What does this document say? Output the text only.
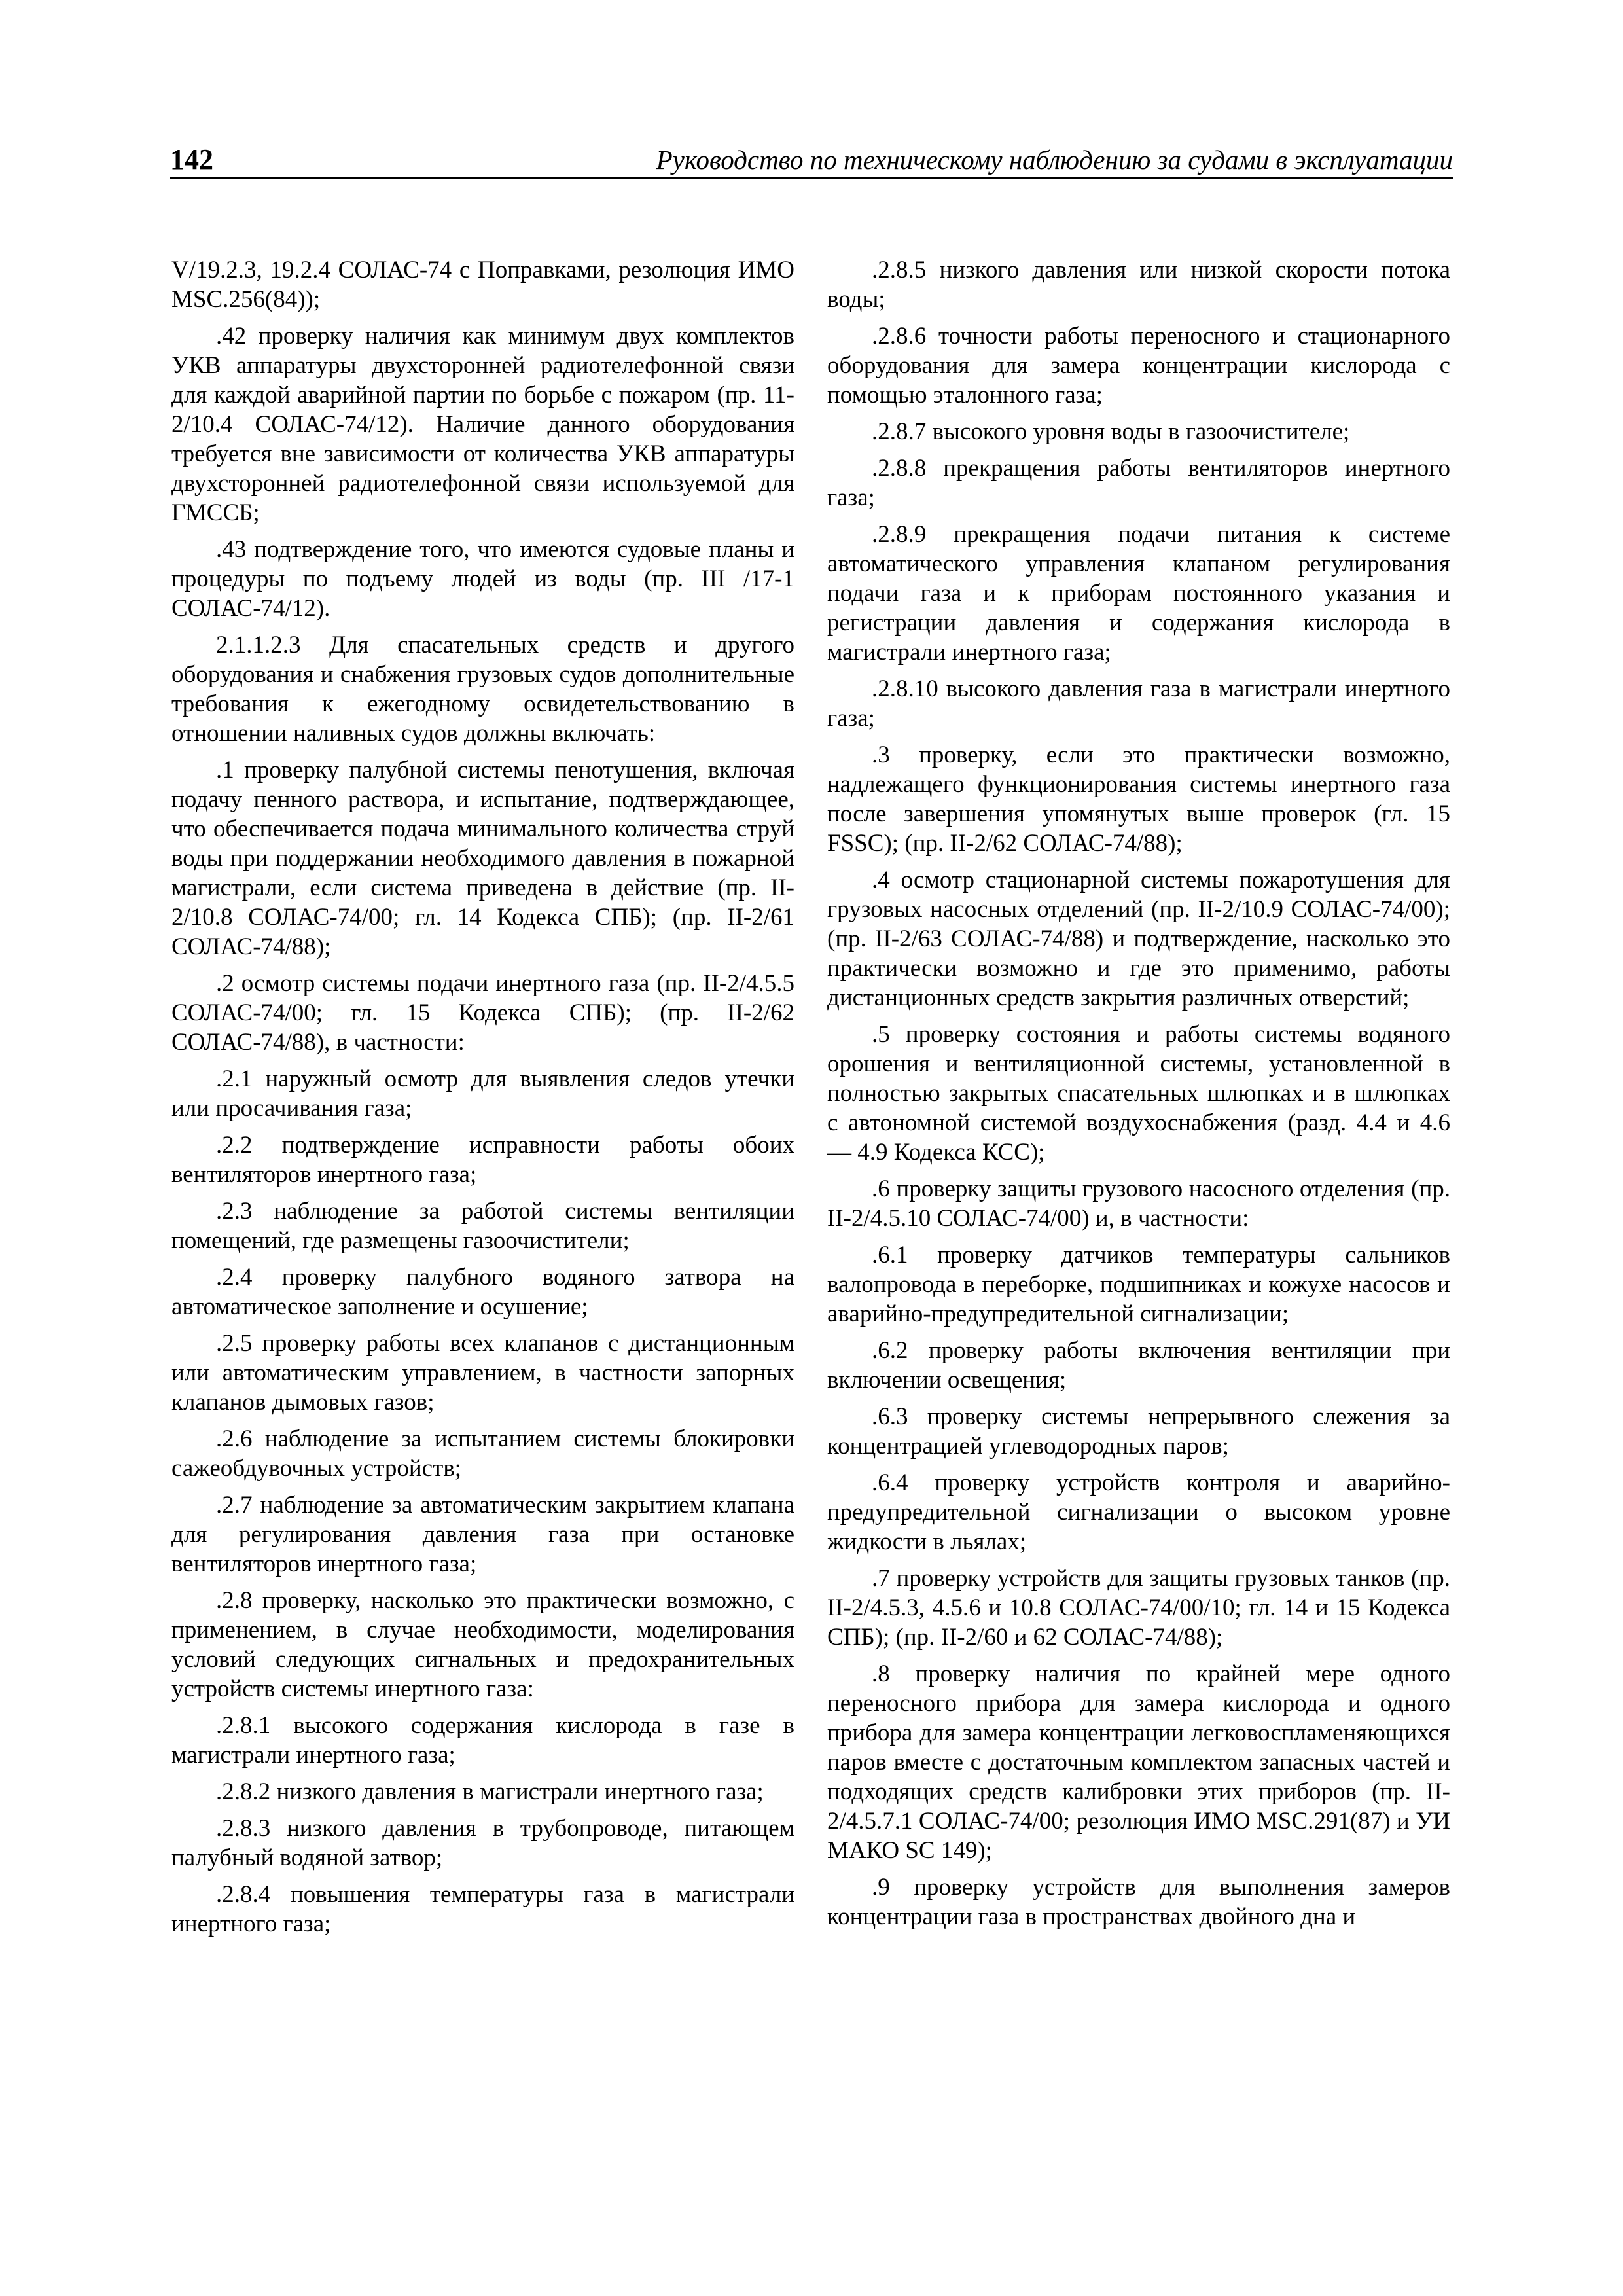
142	Руководство по техническому наблюдению за судами в эксплуатации

V/19.2.3, 19.2.4 СОЛАС-74 с Поправками, резолюция ИМО MSC.256(84));

.42 проверку наличия как минимум двух комплектов УКВ аппаратуры двухсторонней радиотелефонной связи для каждой аварийной партии по борьбе с пожаром (пр. 11-2/10.4 СОЛАС-74/12). Наличие данного оборудования требуется вне зависимости от количества УКВ аппаратуры двухсторонней радиотелефонной связи используемой для ГМССБ;

.43 подтверждение того, что имеются судовые планы и процедуры по подъему людей из воды (пр. III /17-1 СОЛАС-74/12).

2.1.1.2.3 Для спасательных средств и другого оборудования и снабжения грузовых судов дополнительные требования к ежегодному освидетельствованию в отношении наливных судов должны включать:

.1 проверку палубной системы пенотушения, включая подачу пенного раствора, и испытание, подтверждающее, что обеспечивается подача минимального количества струй воды при поддержании необходимого давления в пожарной магистрали, если система приведена в действие (пр. II-2/10.8 СОЛАС-74/00; гл. 14 Кодекса СПБ); (пр. II-2/61 СОЛАС-74/88);

.2 осмотр системы подачи инертного газа (пр. II-2/4.5.5 СОЛАС-74/00; гл. 15 Кодекса СПБ); (пр. II-2/62 СОЛАС-74/88), в частности:

.2.1 наружный осмотр для выявления следов утечки или просачивания газа;

.2.2 подтверждение исправности работы обоих вентиляторов инертного газа;

.2.3 наблюдение за работой системы вентиляции помещений, где размещены газоочистители;

.2.4 проверку палубного водяного затвора на автоматическое заполнение и осушение;

.2.5 проверку работы всех клапанов с дистанционным или автоматическим управлением, в частности запорных клапанов дымовых газов;

.2.6 наблюдение за испытанием системы блокировки сажеобдувочных устройств;

.2.7 наблюдение за автоматическим закрытием клапана для регулирования давления газа при остановке вентиляторов инертного газа;

.2.8 проверку, насколько это практически возможно, с применением, в случае необходимости, моделирования условий следующих сигнальных и предохранительных устройств системы инертного газа:

.2.8.1 высокого содержания кислорода в газе в магистрали инертного газа;

.2.8.2 низкого давления в магистрали инертного газа;

.2.8.3 низкого давления в трубопроводе, питающем палубный водяной затвор;

.2.8.4 повышения температуры газа в магистрали инертного газа;

.2.8.5 низкого давления или низкой скорости потока воды;

.2.8.6 точности работы переносного и стационарного оборудования для замера концентрации кислорода с помощью эталонного газа;

.2.8.7 высокого уровня воды в газоочистителе;

.2.8.8 прекращения работы вентиляторов инертного газа;

.2.8.9 прекращения подачи питания к системе автоматического управления клапаном регулирования подачи газа и к приборам постоянного указания и регистрации давления и содержания кислорода в магистрали инертного газа;

.2.8.10 высокого давления газа в магистрали инертного газа;

.3 проверку, если это практически возможно, надлежащего функционирования системы инертного газа после завершения упомянутых выше проверок (гл. 15 FSSC); (пр. II-2/62 СОЛАС-74/88);

.4 осмотр стационарной системы пожаротушения для грузовых насосных отделений (пр. II-2/10.9 СОЛАС-74/00); (пр. II-2/63 СОЛАС-74/88) и подтверждение, насколько это практически возможно и где это применимо, работы дистанционных средств закрытия различных отверстий;

.5 проверку состояния и работы системы водяного орошения и вентиляционной системы, установленной в полностью закрытых спасательных шлюпках и в шлюпках с автономной системой воздухоснабжения (разд. 4.4 и 4.6 — 4.9 Кодекса КСС);

.6 проверку защиты грузового насосного отделения (пр. II-2/4.5.10 СОЛАС-74/00) и, в частности:

.6.1 проверку датчиков температуры сальников валопровода в переборке, подшипниках и кожухе насосов и аварийно-предупредительной сигнализации;

.6.2 проверку работы включения вентиляции при включении освещения;

.6.3 проверку системы непрерывного слежения за концентрацией углеводородных паров;

.6.4 проверку устройств контроля и аварийно-предупредительной сигнализации о высоком уровне жидкости в льялах;

.7 проверку устройств для защиты грузовых танков (пр. II-2/4.5.3, 4.5.6 и 10.8 СОЛАС-74/00/10; гл. 14 и 15 Кодекса СПБ); (пр. II-2/60 и 62 СОЛАС-74/88);

.8 проверку наличия по крайней мере одного переносного прибора для замера кислорода и одного прибора для замера концентрации легковоспламеняющихся паров вместе с достаточным комплектом запасных частей и подходящих средств калибровки этих приборов (пр. II-2/4.5.7.1 СОЛАС-74/00; резолюция ИМО MSC.291(87) и УИ МАКО SC 149);

.9 проверку устройств для выполнения замеров концентрации газа в пространствах двойного дна и
